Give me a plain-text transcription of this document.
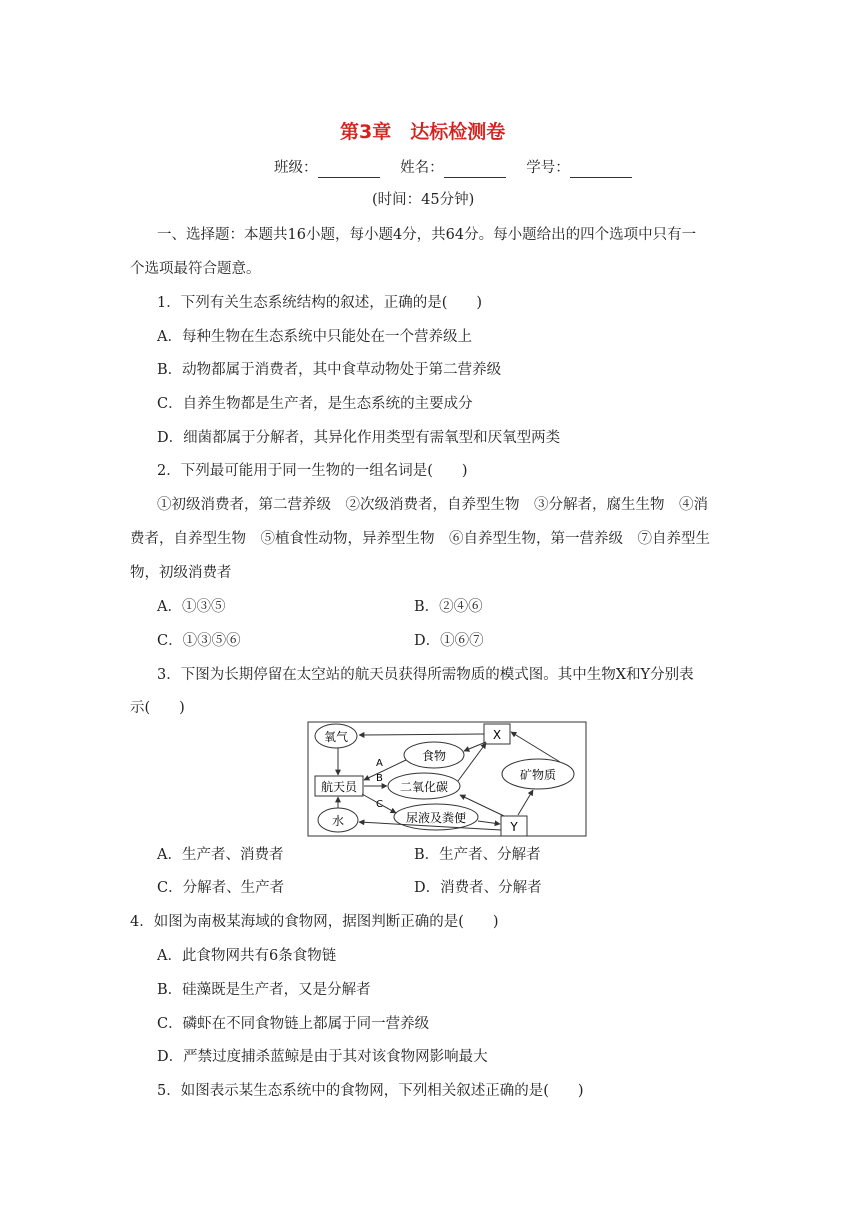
第3章　达标检测卷
班级：	姓名：	学号：
(时间：45分钟)
一、选择题：本题共16小题，每小题4分，共64分。每小题给出的四个选项中只有一
个选项最符合题意。
1．下列有关生态系统结构的叙述，正确的是(　　)
A．每种生物在生态系统中只能处在一个营养级上
B．动物都属于消费者，其中食草动物处于第二营养级
C．自养生物都是生产者，是生态系统的主要成分
D．细菌都属于分解者，其异化作用类型有需氧型和厌氧型两类
2．下列最可能用于同一生物的一组名词是(　　)
①初级消费者，第二营养级　②次级消费者，自养型生物　③分解者，腐生生物　④消
费者，自养型生物　⑤植食性动物，异养型生物　⑥自养型生物，第一营养级　⑦自养型生
物，初级消费者
A．①③⑤	B．②④⑥
C．①③⑤⑥	D．①⑥⑦
3．下图为长期停留在太空站的航天员获得所需物质的模式图。其中生物X和Y分别表
示(　　)
氧气
食物
X
航天员	二氧化碳
矿物质
水	尿液及粪便
Y
A
B
C
A．生产者、消费者	B．生产者、分解者
C．分解者、生产者	D．消费者、分解者
4．如图为南极某海域的食物网，据图判断正确的是(　　)
A．此食物网共有6条食物链
B．硅藻既是生产者，又是分解者
C．磷虾在不同食物链上都属于同一营养级
D．严禁过度捕杀蓝鲸是由于其对该食物网影响最大
5．如图表示某生态系统中的食物网，下列相关叙述正确的是(　　)
